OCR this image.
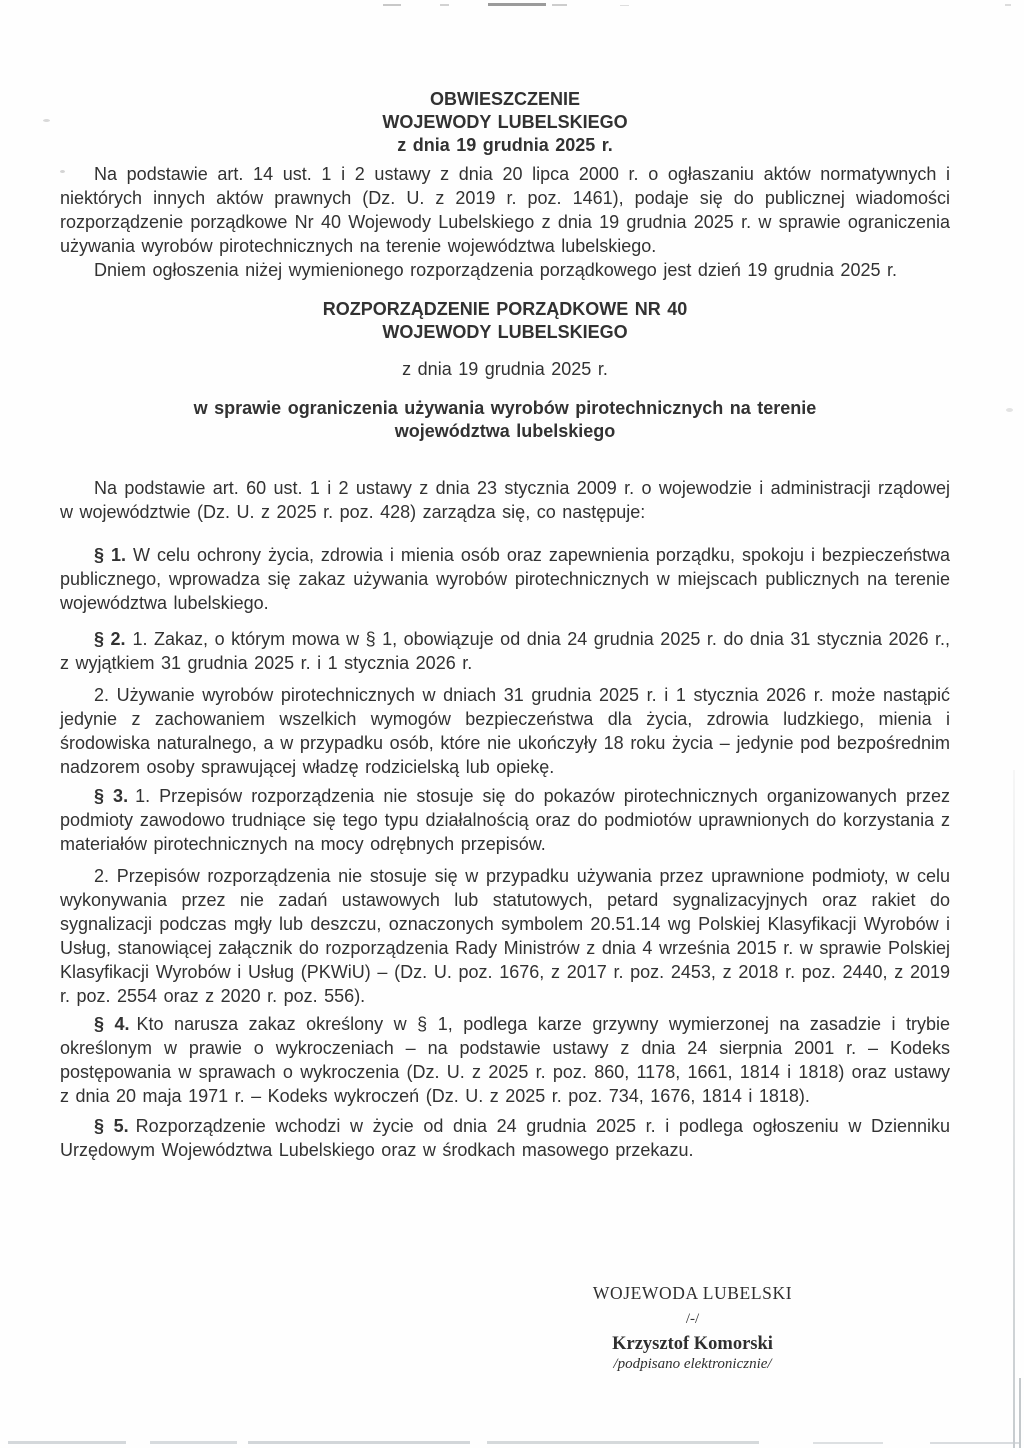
OBWIESZCZENIE
WOJEWODY LUBELSKIEGO
z dnia 19 grudnia 2025 r.

Na podstawie art. 14 ust. 1 i 2 ustawy z dnia 20 lipca 2000 r. o ogłaszaniu aktów normatywnych i niektórych innych aktów prawnych (Dz. U. z 2019 r. poz. 1461), podaje się do publicznej wiadomości rozporządzenie porządkowe Nr 40 Wojewody Lubelskiego z dnia 19 grudnia 2025 r. w sprawie ograniczenia używania wyrobów pirotechnicznych na terenie województwa lubelskiego.

Dniem ogłoszenia niżej wymienionego rozporządzenia porządkowego jest dzień 19 grudnia 2025 r.

ROZPORZĄDZENIE PORZĄDKOWE NR 40
WOJEWODY LUBELSKIEGO
z dnia 19 grudnia 2025 r.
w sprawie ograniczenia używania wyrobów pirotechnicznych na terenie województwa lubelskiego

Na podstawie art. 60 ust. 1 i 2 ustawy z dnia 23 stycznia 2009 r. o wojewodzie i administracji rządowej w województwie (Dz. U. z 2025 r. poz. 428) zarządza się, co następuje:

§ 1. W celu ochrony życia, zdrowia i mienia osób oraz zapewnienia porządku, spokoju i bezpieczeństwa publicznego, wprowadza się zakaz używania wyrobów pirotechnicznych w miejscach publicznych na terenie województwa lubelskiego.

§ 2. 1. Zakaz, o którym mowa w § 1, obowiązuje od dnia 24 grudnia 2025 r. do dnia 31 stycznia 2026 r., z wyjątkiem 31 grudnia 2025 r. i 1 stycznia 2026 r.

2. Używanie wyrobów pirotechnicznych w dniach 31 grudnia 2025 r. i 1 stycznia 2026 r. może nastąpić jedynie z zachowaniem wszelkich wymogów bezpieczeństwa dla życia, zdrowia ludzkiego, mienia i środowiska naturalnego, a w przypadku osób, które nie ukończyły 18 roku życia – jedynie pod bezpośrednim nadzorem osoby sprawującej władzę rodzicielską lub opiekę.

§ 3. 1. Przepisów rozporządzenia nie stosuje się do pokazów pirotechnicznych organizowanych przez podmioty zawodowo trudniące się tego typu działalnością oraz do podmiotów uprawnionych do korzystania z materiałów pirotechnicznych na mocy odrębnych przepisów.

2. Przepisów rozporządzenia nie stosuje się w przypadku używania przez uprawnione podmioty, w celu wykonywania przez nie zadań ustawowych lub statutowych, petard sygnalizacyjnych oraz rakiet do sygnalizacji podczas mgły lub deszczu, oznaczonych symbolem 20.51.14 wg Polskiej Klasyfikacji Wyrobów i Usług, stanowiącej załącznik do rozporządzenia Rady Ministrów z dnia 4 września 2015 r. w sprawie Polskiej Klasyfikacji Wyrobów i Usług (PKWiU) – (Dz. U. poz. 1676, z 2017 r. poz. 2453, z 2018 r. poz. 2440, z 2019 r. poz. 2554 oraz z 2020 r. poz. 556).

§ 4. Kto narusza zakaz określony w § 1, podlega karze grzywny wymierzonej na zasadzie i trybie określonym w prawie o wykroczeniach – na podstawie ustawy z dnia 24 sierpnia 2001 r. – Kodeks postępowania w sprawach o wykroczenia (Dz. U. z 2025 r. poz. 860, 1178, 1661, 1814 i 1818) oraz ustawy z dnia 20 maja 1971 r. – Kodeks wykroczeń (Dz. U. z 2025 r. poz. 734, 1676, 1814 i 1818).

§ 5. Rozporządzenie wchodzi w życie od dnia 24 grudnia 2025 r. i podlega ogłoszeniu w Dzienniku Urzędowym Województwa Lubelskiego oraz w środkach masowego przekazu.

WOJEWODA LUBELSKI
/-/
Krzysztof Komorski
/podpisano elektronicznie/
